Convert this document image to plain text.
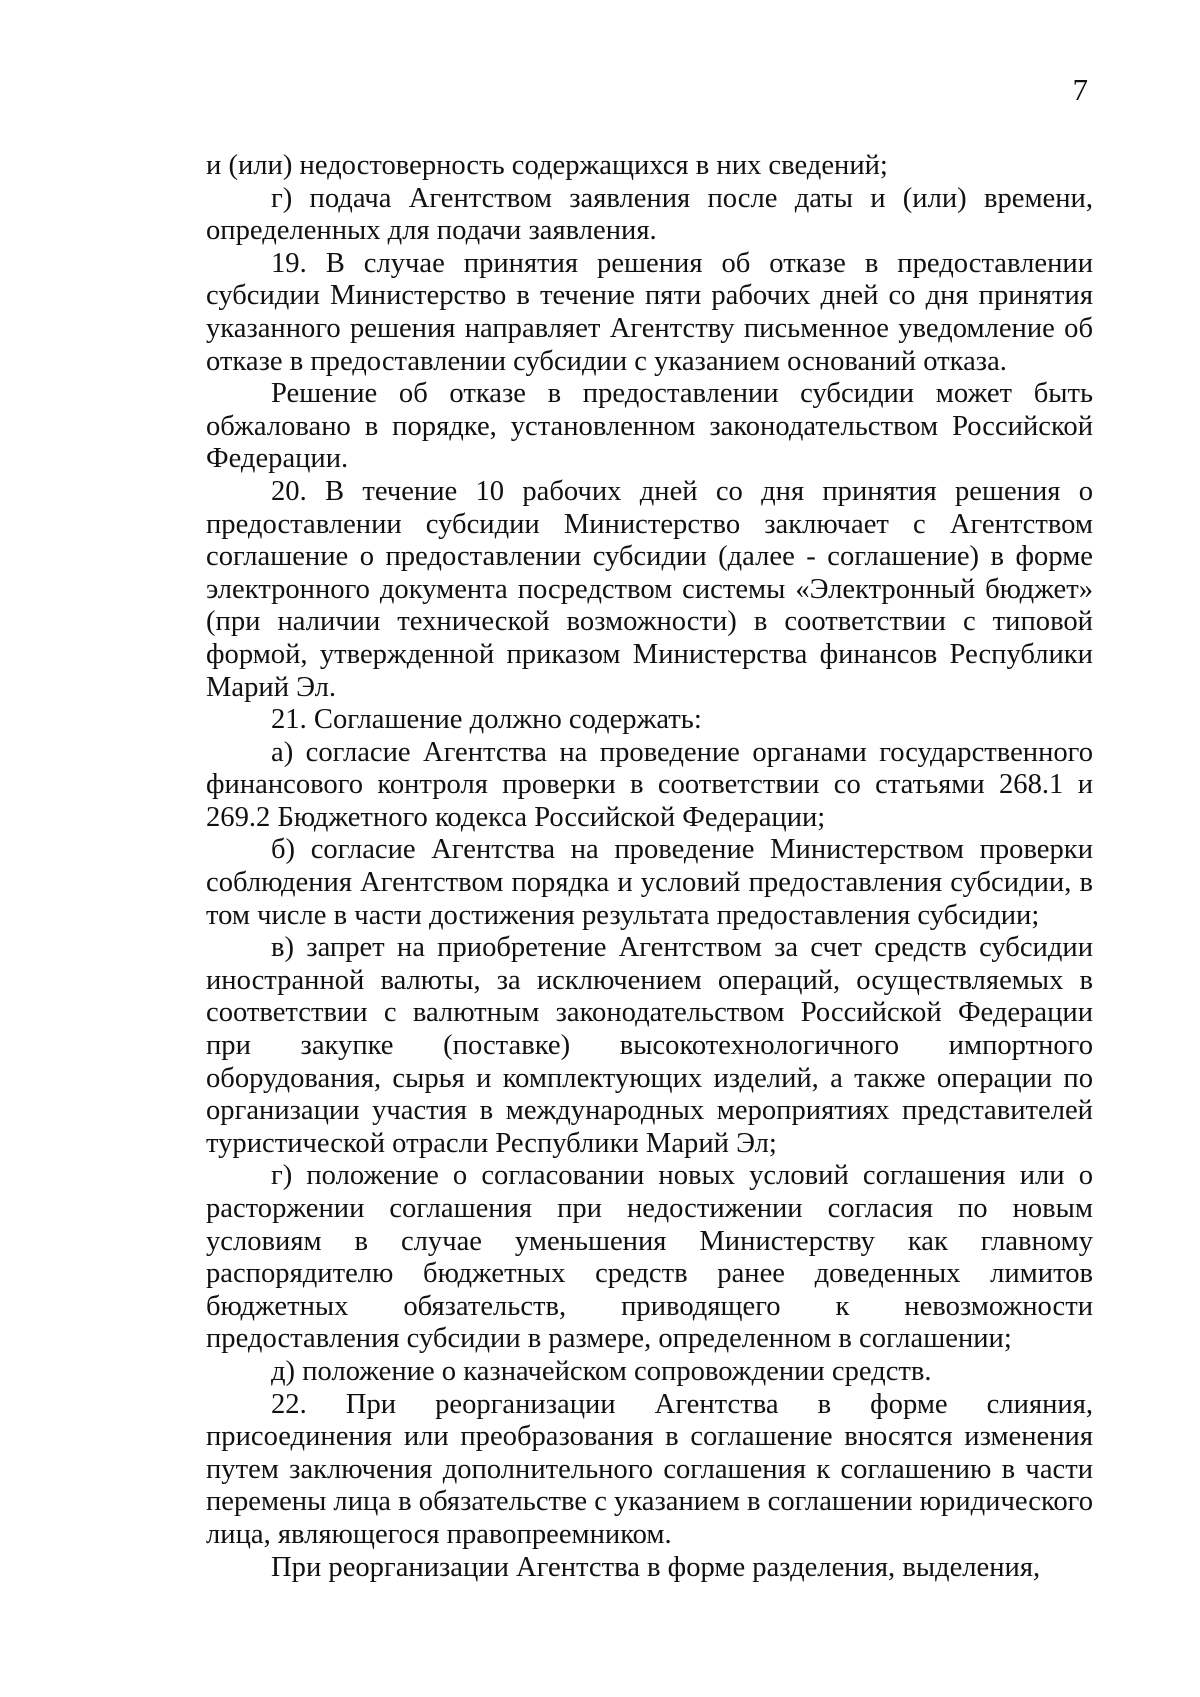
7

и (или) недостоверность содержащихся в них сведений;

г) подача Агентством заявления после даты и (или) времени, определенных для подачи заявления.

19. В случае принятия решения об отказе в предоставлении субсидии Министерство в течение пяти рабочих дней со дня принятия указанного решения направляет Агентству письменное уведомление об отказе в предоставлении субсидии с указанием оснований отказа.

Решение об отказе в предоставлении субсидии может быть обжаловано в порядке, установленном законодательством Российской Федерации.

20. В течение 10 рабочих дней со дня принятия решения о предоставлении субсидии Министерство заключает с Агентством соглашение о предоставлении субсидии (далее - соглашение) в форме электронного документа посредством системы «Электронный бюджет» (при наличии технической возможности) в соответствии с типовой формой, утвержденной приказом Министерства финансов Республики Марий Эл.

21. Соглашение должно содержать:

а) согласие Агентства на проведение органами государственного финансового контроля проверки в соответствии со статьями 268.1 и 269.2 Бюджетного кодекса Российской Федерации;

б) согласие Агентства на проведение Министерством проверки соблюдения Агентством порядка и условий предоставления субсидии, в том числе в части достижения результата предоставления субсидии;

в) запрет на приобретение Агентством за счет средств субсидии иностранной валюты, за исключением операций, осуществляемых в соответствии с валютным законодательством Российской Федерации при закупке (поставке) высокотехнологичного импортного оборудования, сырья и комплектующих изделий, а также операции по организации участия в международных мероприятиях представителей туристической отрасли Республики Марий Эл;

г) положение о согласовании новых условий соглашения или о расторжении соглашения при недостижении согласия по новым условиям в случае уменьшения Министерству как главному распорядителю бюджетных средств ранее доведенных лимитов бюджетных обязательств, приводящего к невозможности предоставления субсидии в размере, определенном в соглашении;

д) положение о казначейском сопровождении средств.

22. При реорганизации Агентства в форме слияния, присоединения или преобразования в соглашение вносятся изменения путем заключения дополнительного соглашения к соглашению в части перемены лица в обязательстве с указанием в соглашении юридического лица, являющегося правопреемником.

При реорганизации Агентства в форме разделения, выделения,
